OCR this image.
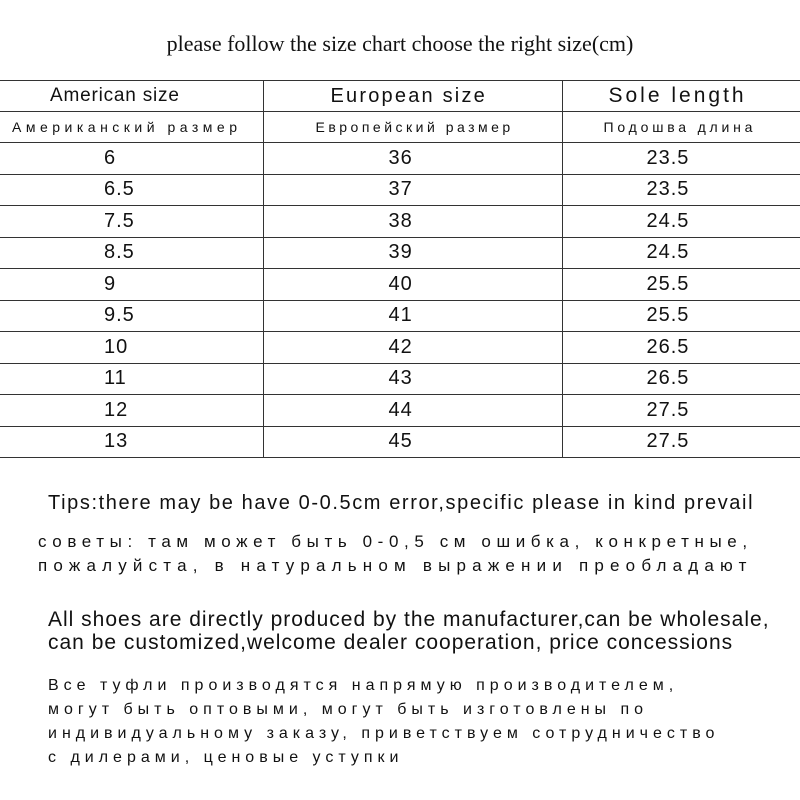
please follow the size chart choose the right size(cm)
American size	European size	Sole length
Американский размер	Европейский размер	Подошва длина
6	36	23.5
6.5	37	23.5
7.5	38	24.5
8.5	39	24.5
9	40	25.5
9.5	41	25.5
10	42	26.5
11	43	26.5
12	44	27.5
13	45	27.5
Tips:there may be have 0-0.5cm error,specific please in kind prevail
советы: там может быть 0-0,5 см ошибка, конкретные,
пожалуйста, в натуральном выражении преобладают
All shoes are directly produced by the manufacturer,can be wholesale,
can be customized,welcome dealer cooperation, price concessions
Все туфли производятся напрямую производителем,
могут быть оптовыми, могут быть изготовлены по
индивидуальному заказу, приветствуем сотрудничество
с дилерами, ценовые уступки
